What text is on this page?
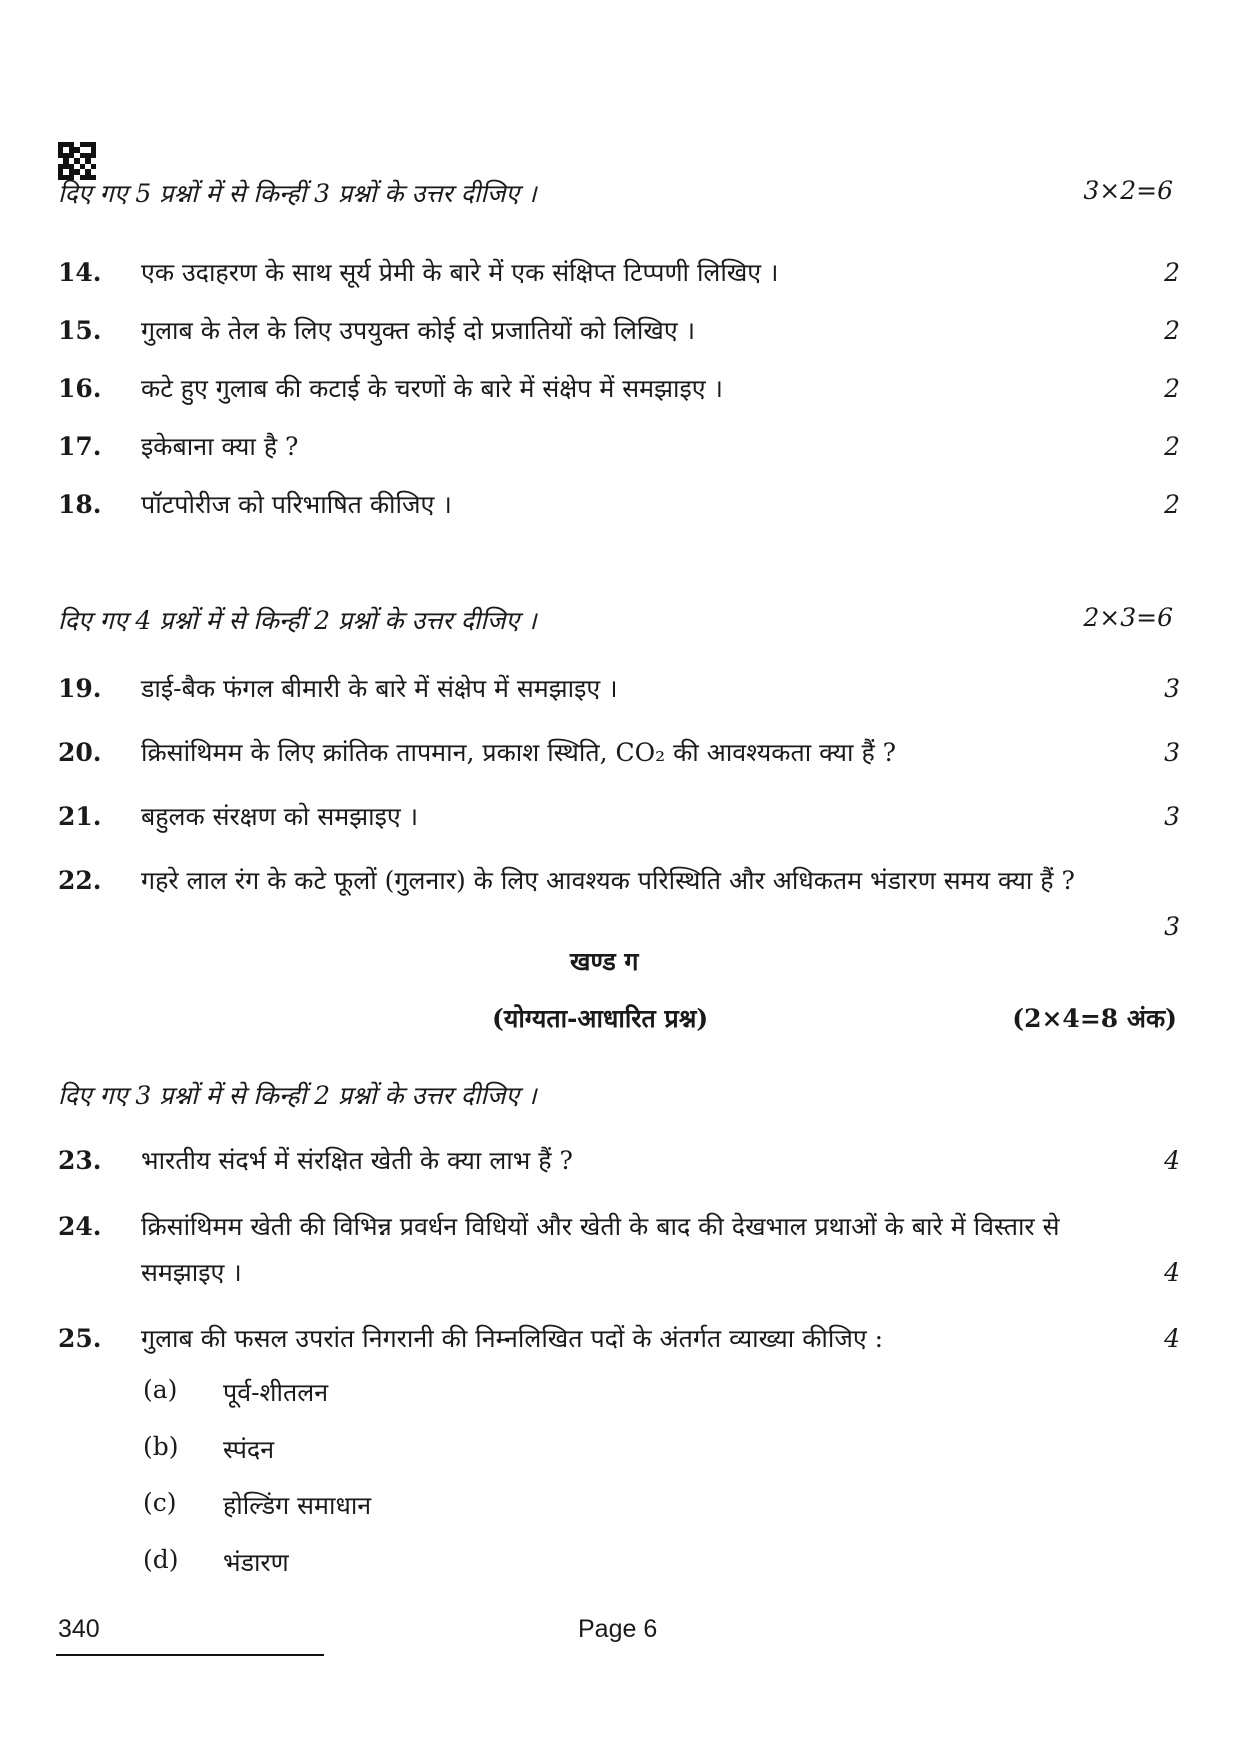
दिए गए 5 प्रश्नों में से किन्हीं 3 प्रश्नों के उत्तर दीजिए ।	3×2=6
14. एक उदाहरण के साथ सूर्य प्रेमी के बारे में एक संक्षिप्त टिप्पणी लिखिए ।	2
15. गुलाब के तेल के लिए उपयुक्त कोई दो प्रजातियों को लिखिए ।	2
16. कटे हुए गुलाब की कटाई के चरणों के बारे में संक्षेप में समझाइए ।	2
17. इकेबाना क्या है ?	2
18. पॉटपोरीज को परिभाषित कीजिए ।	2
दिए गए 4 प्रश्नों में से किन्हीं 2 प्रश्नों के उत्तर दीजिए ।	2×3=6
19. डाई-बैक फंगल बीमारी के बारे में संक्षेप में समझाइए ।	3
20. क्रिसांथिमम के लिए क्रांतिक तापमान, प्रकाश स्थिति, CO₂ की आवश्यकता क्या हैं ?	3
21. बहुलक संरक्षण को समझाइए ।	3
22. गहरे लाल रंग के कटे फूलों (गुलनार) के लिए आवश्यक परिस्थिति और अधिकतम भंडारण समय क्या हैं ?
3
खण्ड ग
(योग्यता-आधारित प्रश्न)	(2×4=8 अंक)
दिए गए 3 प्रश्नों में से किन्हीं 2 प्रश्नों के उत्तर दीजिए ।
23. भारतीय संदर्भ में संरक्षित खेती के क्या लाभ हैं ?	4
24. क्रिसांथिमम खेती की विभिन्न प्रवर्धन विधियों और खेती के बाद की देखभाल प्रथाओं के बारे में विस्तार से समझाइए ।	4
25. गुलाब की फसल उपरांत निगरानी की निम्नलिखित पदों के अंतर्गत व्याख्या कीजिए :	4
(a) पूर्व-शीतलन
(b) स्पंदन
(c) होल्डिंग समाधान
(d) भंडारण
340	Page 6
